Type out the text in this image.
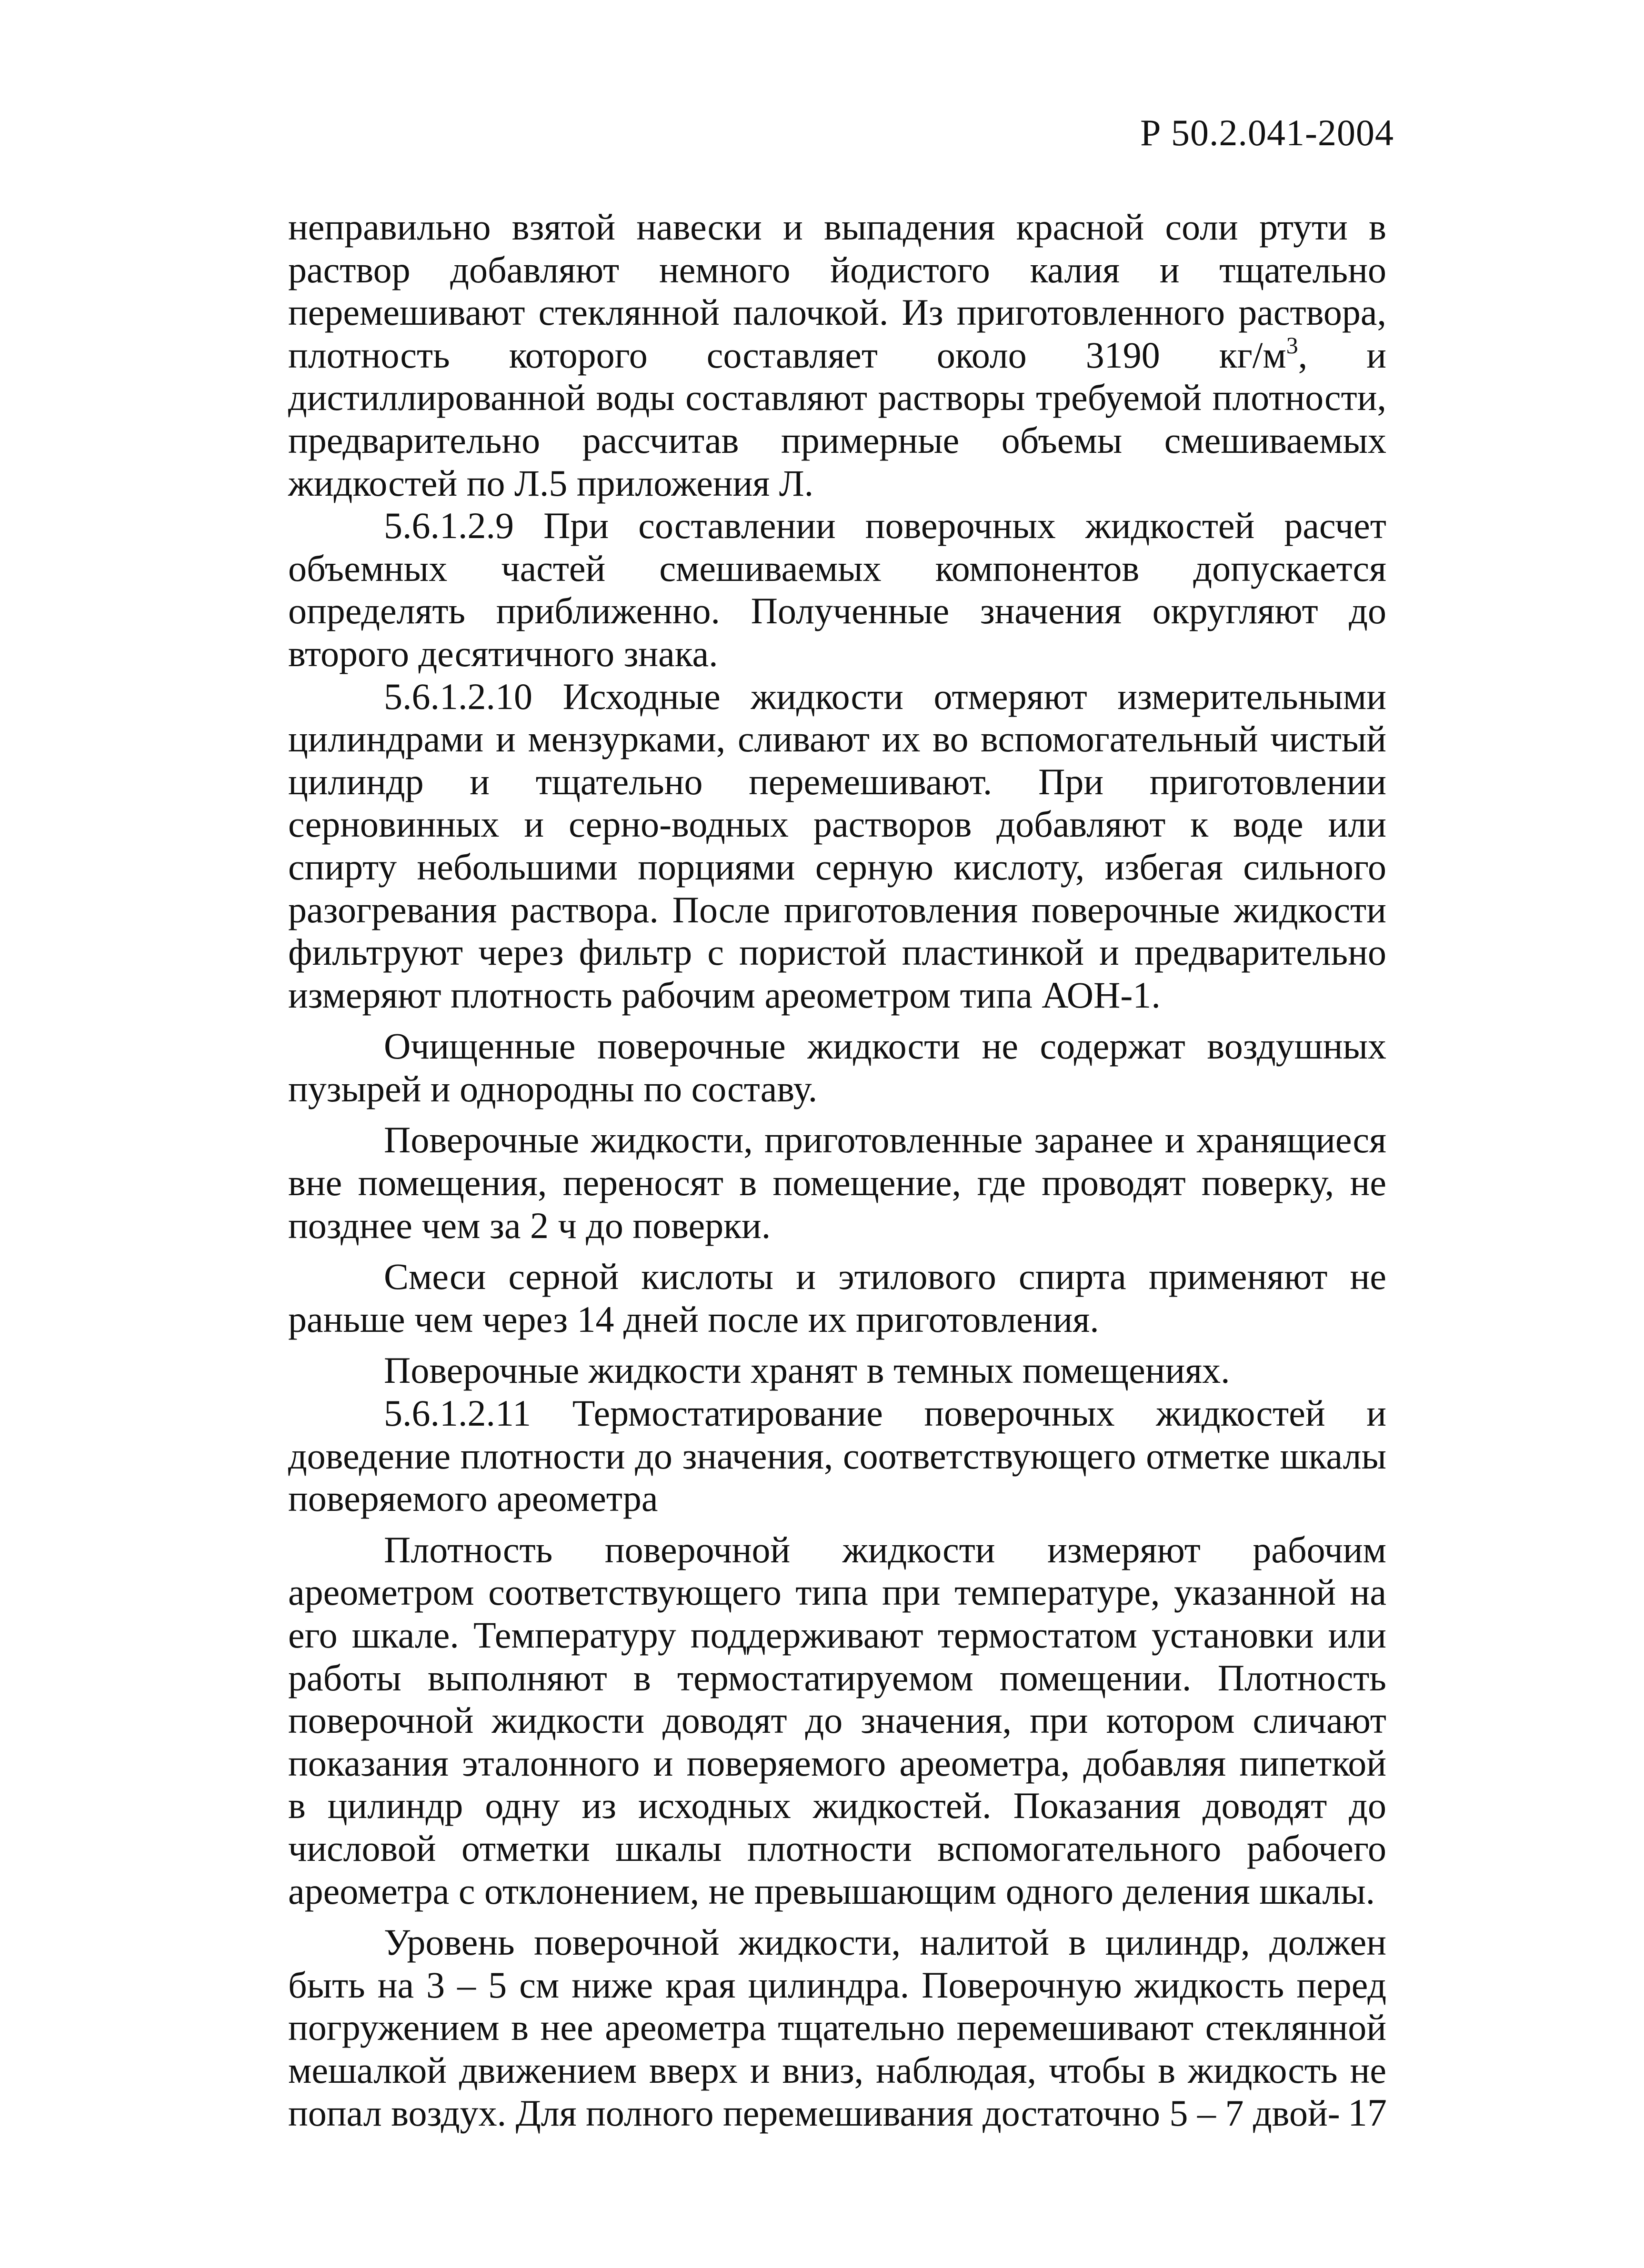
Р 50.2.041-2004

неправильно взятой навески и выпадения красной соли ртути в раствор добавляют немного йодистого калия и тщательно перемешивают стеклянной палочкой. Из приготовленного раствора, плотность которого составляет около 3190 $кг/м^3$, и дистиллированной воды составляют растворы требуемой плотности, предварительно рассчитав примерные объемы смешиваемых жидкостей по Л.5 приложения Л.

5.6.1.2.9 При составлении поверочных жидкостей расчет объемных частей смешиваемых компонентов допускается определять приближенно. Полученные значения округляют до второго десятичного знака.

5.6.1.2.10 Исходные жидкости отмеряют измерительными цилиндрами и мензурками, сливают их во вспомогательный чистый цилиндр и тщательно перемешивают. При приготовлении серновинных и серно-водных растворов добавляют к воде или спирту небольшими порциями серную кислоту, избегая сильного разогревания раствора. После приготовления поверочные жидкости фильтруют через фильтр с пористой пластинкой и предварительно измеряют плотность рабочим ареометром типа АОН-1.

Очищенные поверочные жидкости не содержат воздушных пузырей и однородны по составу.

Поверочные жидкости, приготовленные заранее и хранящиеся вне помещения, переносят в помещение, где проводят поверку, не позднее чем за 2 ч до поверки.

Смеси серной кислоты и этилового спирта применяют не раньше чем через 14 дней после их приготовления.

Поверочные жидкости хранят в темных помещениях.

5.6.1.2.11 Термостатирование поверочных жидкостей и доведение плотности до значения, соответствующего отметке шкалы поверяемого ареометра

Плотность поверочной жидкости измеряют рабочим ареометром соответствующего типа при температуре, указанной на его шкале. Температуру поддерживают термостатом установки или работы выполняют в термостатируемом помещении. Плотность поверочной жидкости доводят до значения, при котором сличают показания эталонного и поверяемого ареометра, добавляя пипеткой в цилиндр одну из исходных жидкостей. Показания доводят до числовой отметки шкалы плотности вспомогательного рабочего ареометра с отклонением, не превышающим одного деления шкалы.

Уровень поверочной жидкости, налитой в цилиндр, должен быть на 3 – 5 см ниже края цилиндра. Поверочную жидкость перед погружением в нее ареометра тщательно перемешивают стеклянной мешалкой движением вверх и вниз, наблюдая, чтобы в жидкость не попал воздух. Для полного перемешивания достаточно 5 – 7 двой- 17
